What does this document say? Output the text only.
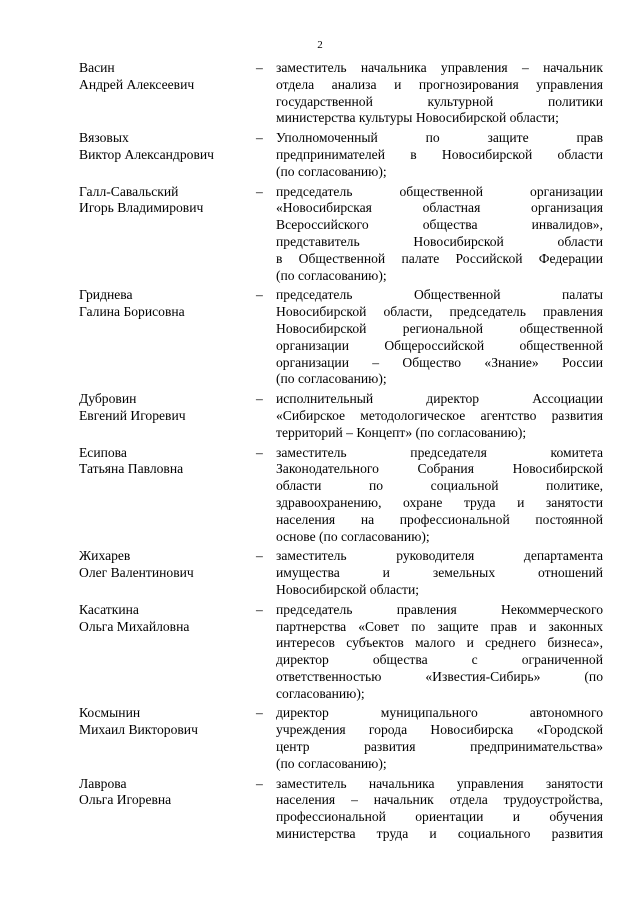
2
Васин
Андрей Алексеевич
– заместитель начальника управления – начальник
отдела анализа и прогнозирования управления
государственной культурной политики
министерства культуры Новосибирской области;
Вязовых
Виктор Александрович
– Уполномоченный по защите прав
предпринимателей в Новосибирской области
(по согласованию);
Галл-Савальский
Игорь Владимирович
– председатель общественной организации
«Новосибирская областная организация
Всероссийского общества инвалидов»,
представитель Новосибирской области
в Общественной палате Российской Федерации
(по согласованию);
Гриднева
Галина Борисовна
– председатель Общественной палаты
Новосибирской области, председатель правления
Новосибирской региональной общественной
организации Общероссийской общественной
организации – Общество «Знание» России
(по согласованию);
Дубровин
Евгений Игоревич
– исполнительный директор Ассоциации
«Сибирское методологическое агентство развития
территорий – Концепт» (по согласованию);
Есипова
Татьяна Павловна
– заместитель председателя комитета
Законодательного Собрания Новосибирской
области по социальной политике,
здравоохранению, охране труда и занятости
населения на профессиональной постоянной
основе (по согласованию);
Жихарев
Олег Валентинович
– заместитель руководителя департамента
имущества и земельных отношений
Новосибирской области;
Касаткина
Ольга Михайловна
– председатель правления Некоммерческого
партнерства «Совет по защите прав и законных
интересов субъектов малого и среднего бизнеса»,
директор общества с ограниченной
ответственностью «Известия-Сибирь» (по
согласованию);
Космынин
Михаил Викторович
– директор муниципального автономного
учреждения города Новосибирска «Городской
центр развития предпринимательства»
(по согласованию);
Лаврова
Ольга Игоревна
– заместитель начальника управления занятости
населения – начальник отдела трудоустройства,
профессиональной ориентации и обучения
министерства труда и социального развития
